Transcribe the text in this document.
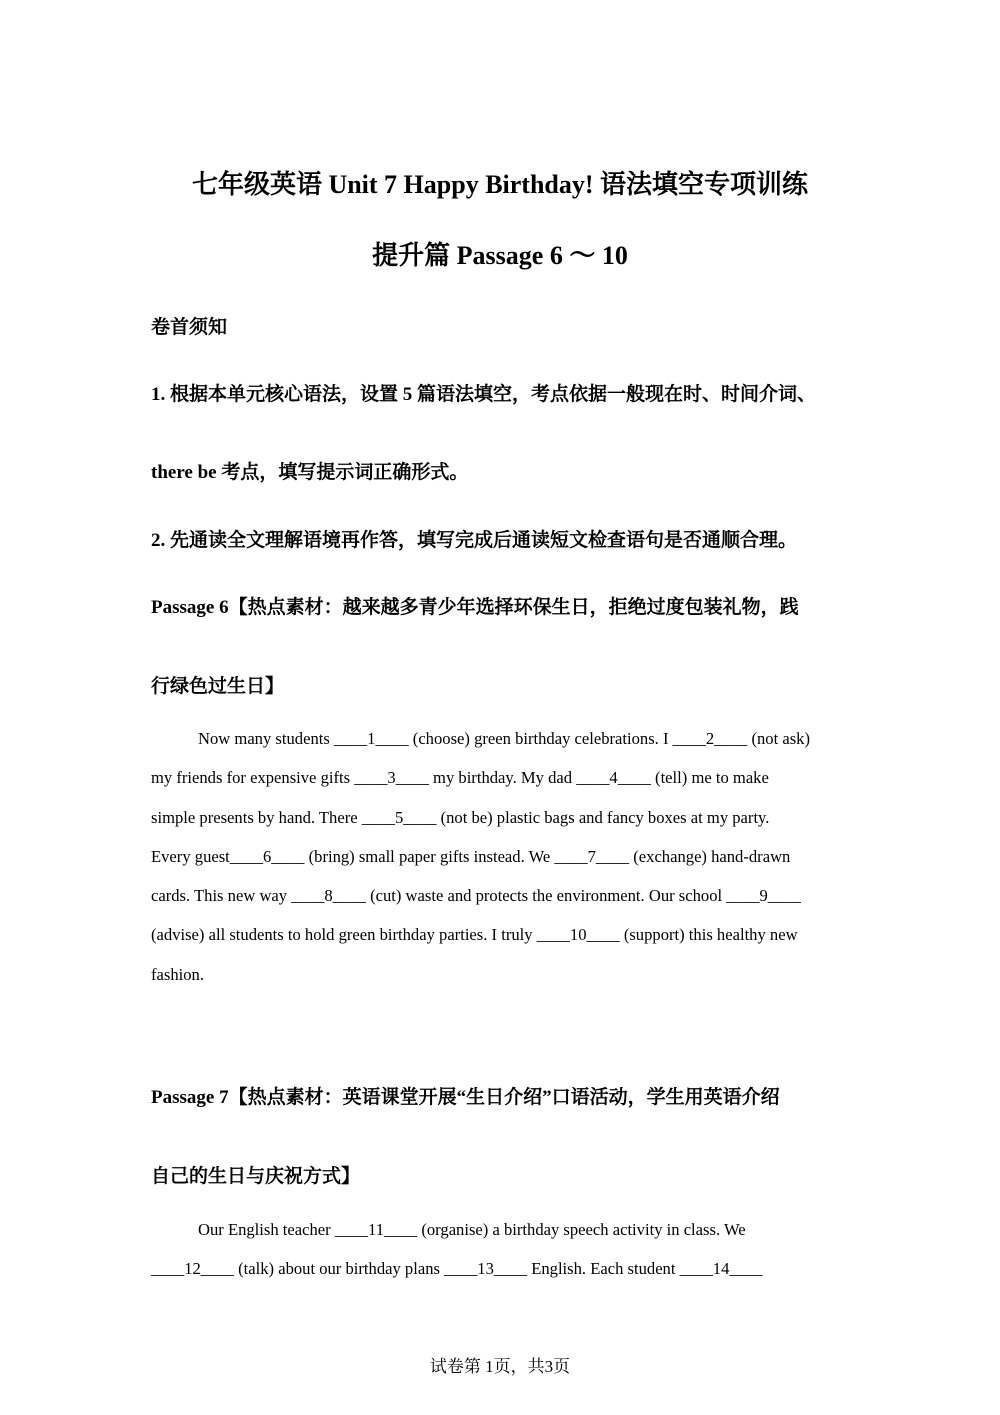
七年级英语 Unit 7 Happy Birthday! 语法填空专项训练
提升篇 Passage 6 ～ 10
卷首须知
1. 根据本单元核心语法，设置 5 篇语法填空，考点依据一般现在时、时间介词、
there be 考点，填写提示词正确形式。
2. 先通读全文理解语境再作答，填写完成后通读短文检查语句是否通顺合理。
Passage 6【热点素材：越来越多青少年选择环保生日，拒绝过度包装礼物，践
行绿色过生日】
Now many students ____1____ (choose) green birthday celebrations. I ____2____ (not ask)
my friends for expensive gifts ____3____ my birthday. My dad ____4____ (tell) me to make
simple presents by hand. There ____5____ (not be) plastic bags and fancy boxes at my party.
Every guest____6____ (bring) small paper gifts instead. We ____7____ (exchange) hand-drawn
cards. This new way ____8____ (cut) waste and protects the environment. Our school ____9____
(advise) all students to hold green birthday parties. I truly ____10____ (support) this healthy new
fashion.
Passage 7【热点素材：英语课堂开展“生日介绍”口语活动，学生用英语介绍
自己的生日与庆祝方式】
Our English teacher ____11____ (organise) a birthday speech activity in class. We
____12____ (talk) about our birthday plans ____13____ English. Each student ____14____
试卷第 1页，共3页
